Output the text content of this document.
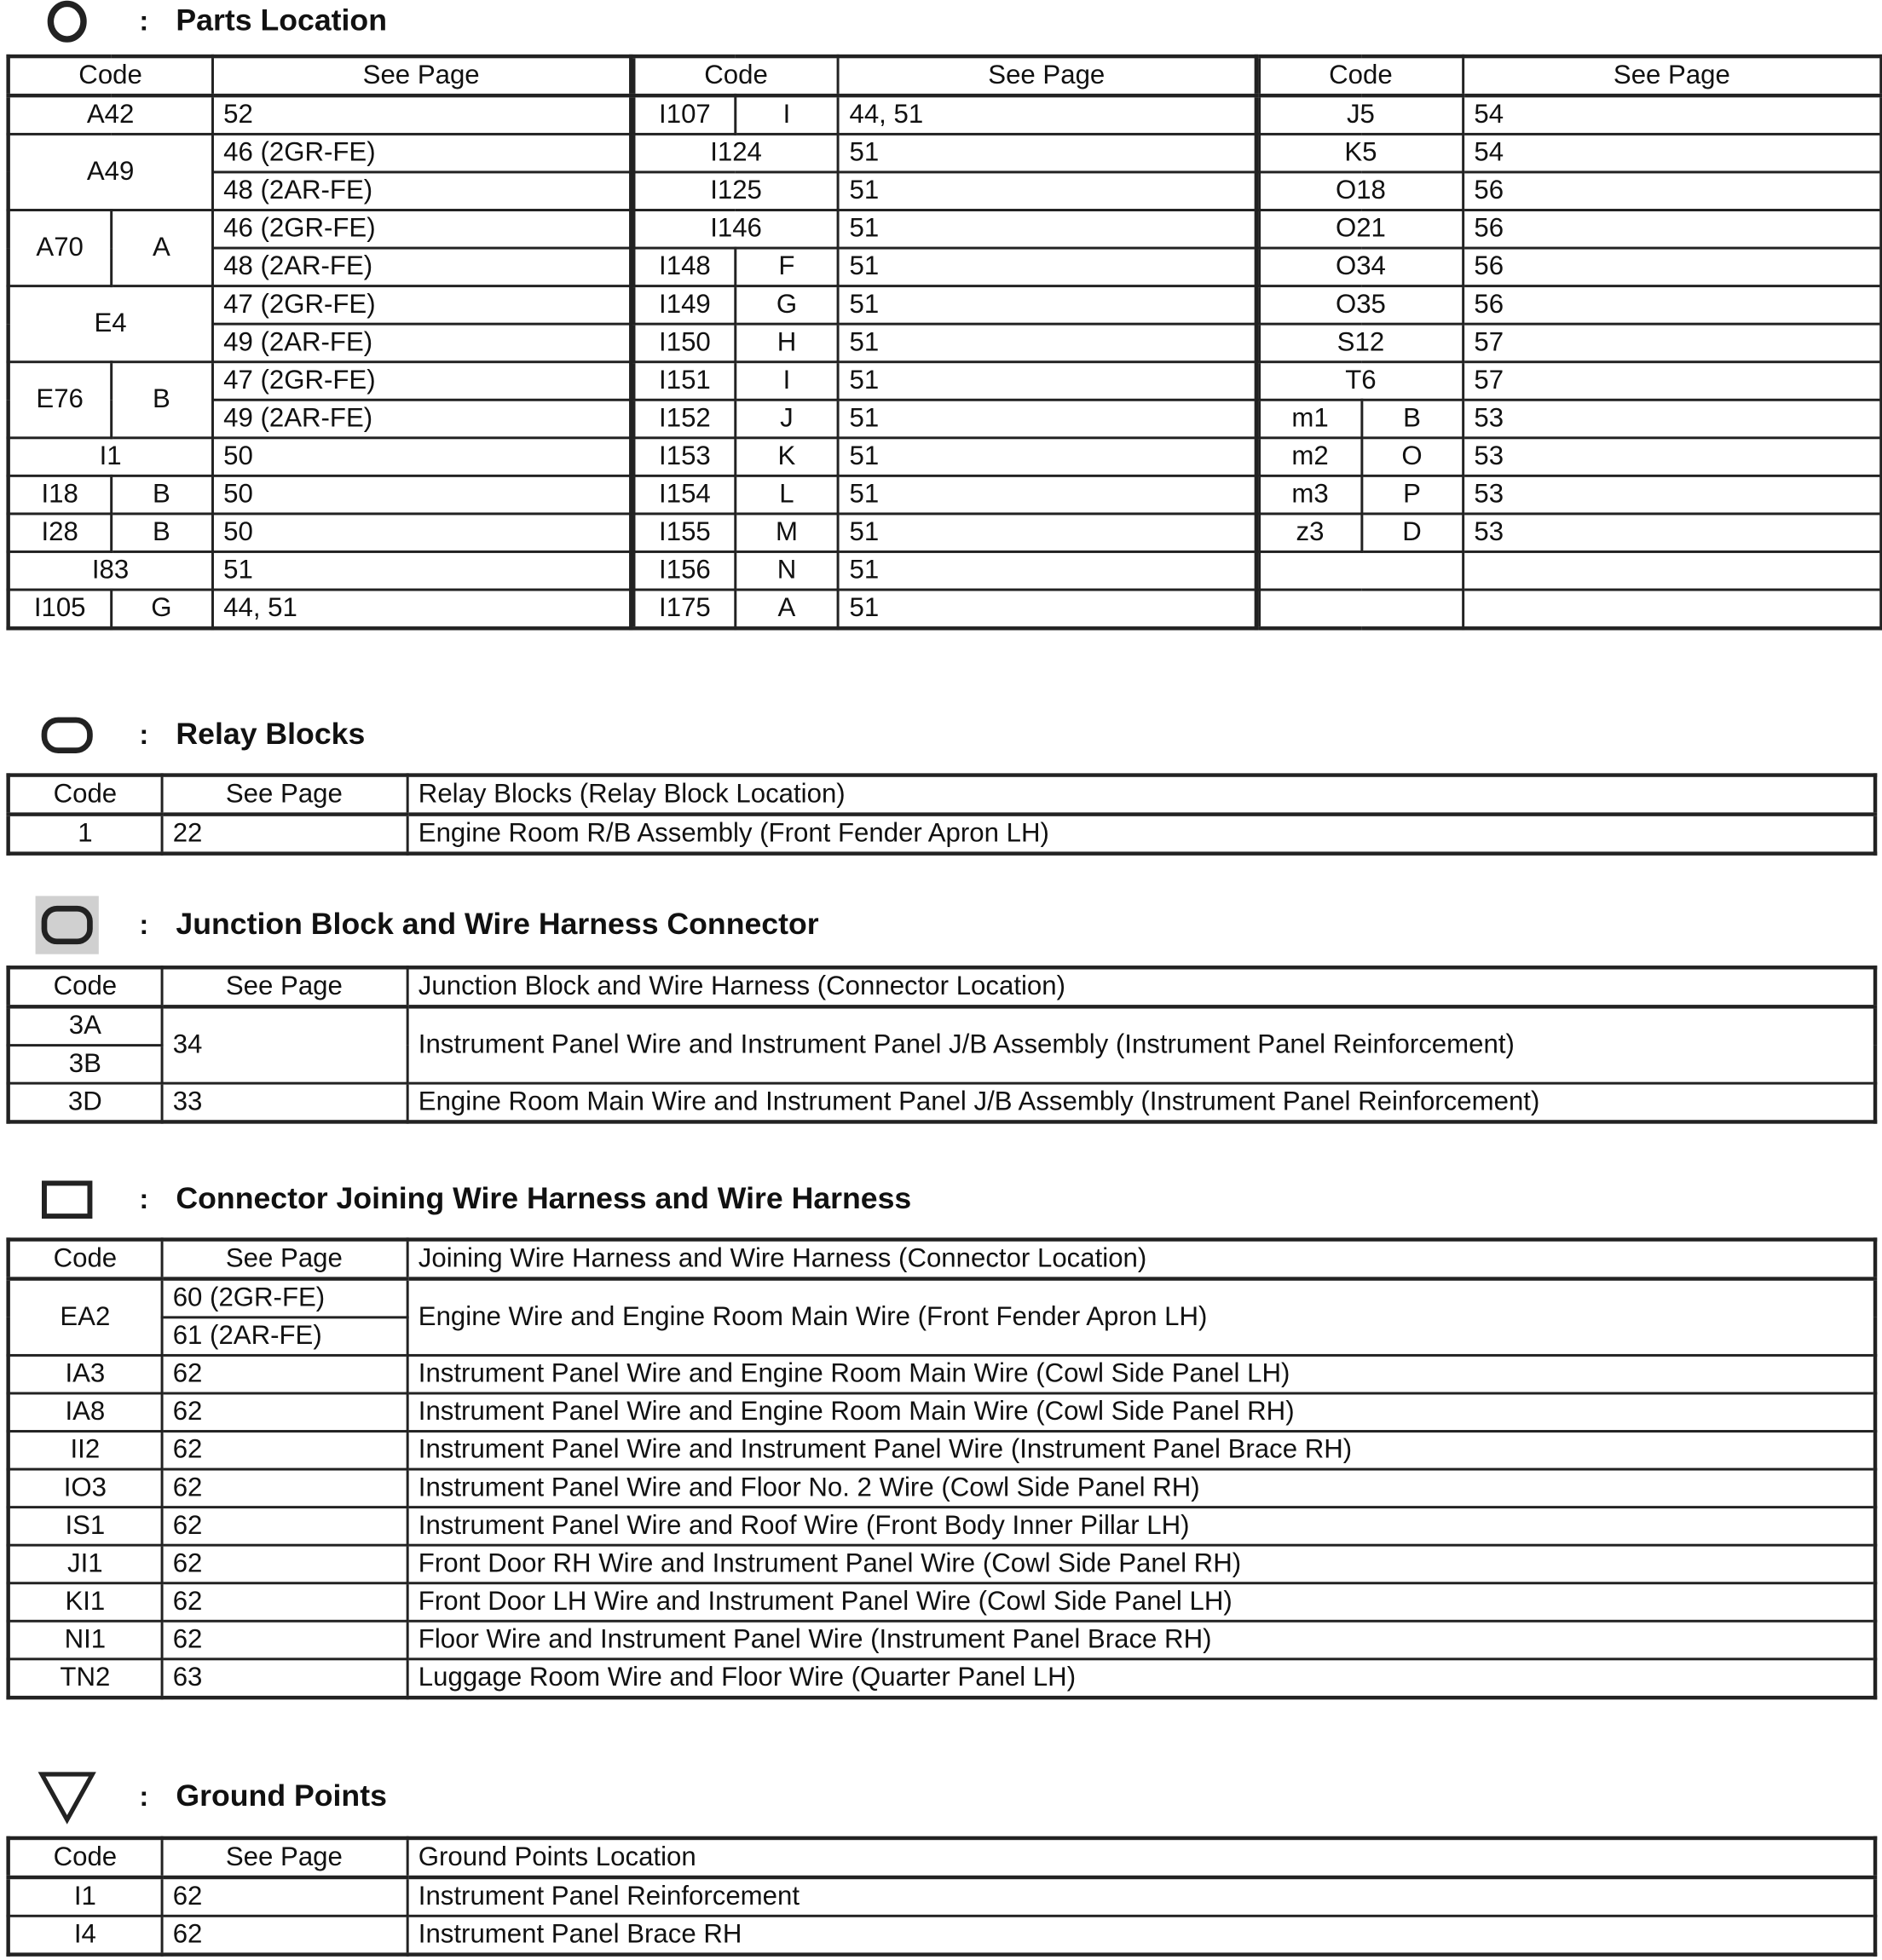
: Parts Location
Code		See Page
A42		52
A49		46 (2GR-FE)
		48 (2AR-FE)
A70	A	46 (2GR-FE)
		48 (2AR-FE)
E4		47 (2GR-FE)
		49 (2AR-FE)
E76	B	47 (2GR-FE)
		49 (2AR-FE)
I1		50
I18	B	50
I28	B	50
I83		51
I105	G	44, 51
Code		See Page
I107	I	44, 51
I124		51
I125		51
I146		51
I148	F	51
I149	G	51
I150	H	51
I151	I	51
I152	J	51
I153	K	51
I154	L	51
I155	M	51
I156	N	51
I175	A	51
Code		See Page
J5		54
K5		54
O18		56
O21		56
O34		56
O35		56
S12		57
T6		57
m1	B	53
m2	O	53
m3	P	53
z3	D	53

: Relay Blocks
Code	See Page	Relay Blocks (Relay Block Location)
1	22	Engine Room R/B Assembly (Front Fender Apron LH)
: Junction Block and Wire Harness Connector
Code	See Page	Junction Block and Wire Harness (Connector Location)
3A	34	Instrument Panel Wire and Instrument Panel J/B Assembly (Instrument Panel Reinforcement)
3B		
3D	33	Engine Room Main Wire and Instrument Panel J/B Assembly (Instrument Panel Reinforcement)
: Connector Joining Wire Harness and Wire Harness
Code	See Page	Joining Wire Harness and Wire Harness (Connector Location)
EA2	60 (2GR-FE)	Engine Wire and Engine Room Main Wire (Front Fender Apron LH)
	61 (2AR-FE)	
IA3	62	Instrument Panel Wire and Engine Room Main Wire (Cowl Side Panel LH)
IA8	62	Instrument Panel Wire and Engine Room Main Wire (Cowl Side Panel RH)
II2	62	Instrument Panel Wire and Instrument Panel Wire (Instrument Panel Brace RH)
IO3	62	Instrument Panel Wire and Floor No. 2 Wire (Cowl Side Panel RH)
IS1	62	Instrument Panel Wire and Roof Wire (Front Body Inner Pillar LH)
JI1	62	Front Door RH Wire and Instrument Panel Wire (Cowl Side Panel RH)
KI1	62	Front Door LH Wire and Instrument Panel Wire (Cowl Side Panel LH)
NI1	62	Floor Wire and Instrument Panel Wire (Instrument Panel Brace RH)
TN2	63	Luggage Room Wire and Floor Wire (Quarter Panel LH)
: Ground Points
Code	See Page	Ground Points Location
I1	62	Instrument Panel Reinforcement
I4	62	Instrument Panel Brace RH
